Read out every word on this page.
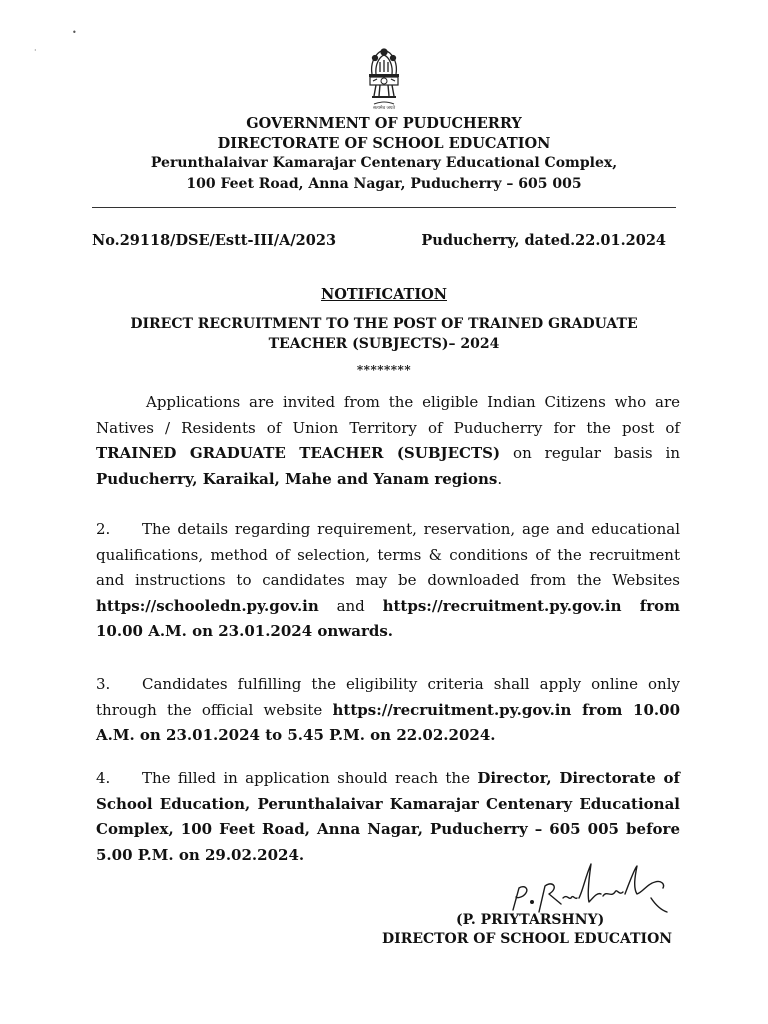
•
·
सत्यमेव जयते
GOVERNMENT OF PUDUCHERRY
DIRECTORATE OF SCHOOL EDUCATION
Perunthalaivar Kamarajar Centenary Educational Complex,
100 Feet Road, Anna Nagar, Puducherry – 605 005
No.29118/DSE/Estt-III/A/2023	Puducherry, dated.22.01.2024
NOTIFICATION
DIRECT RECRUITMENT TO THE POST OF TRAINED GRADUATE
TEACHER (SUBJECTS)– 2024
********
Applications are invited from the eligible Indian Citizens who are Natives / Residents of Union Territory of Puducherry for the post of TRAINED GRADUATE TEACHER (SUBJECTS) on regular basis in Puducherry, Karaikal, Mahe and Yanam regions.
2. The details regarding requirement, reservation, age and educational qualifications, method of selection, terms & conditions of the recruitment and instructions to candidates may be downloaded from the Websites https://schooledn.py.gov.in and https://recruitment.py.gov.in from 10.00 A.M. on 23.01.2024 onwards.
3. Candidates fulfilling the eligibility criteria shall apply online only through the official website https://recruitment.py.gov.in from 10.00 A.M. on 23.01.2024 to 5.45 P.M. on 22.02.2024.
4. The filled in application should reach the Director, Directorate of School Education, Perunthalaivar Kamarajar Centenary Educational Complex, 100 Feet Road, Anna Nagar, Puducherry – 605 005 before 5.00 P.M. on 29.02.2024.
(P. PRIYTARSHNY)
DIRECTOR OF SCHOOL EDUCATION
